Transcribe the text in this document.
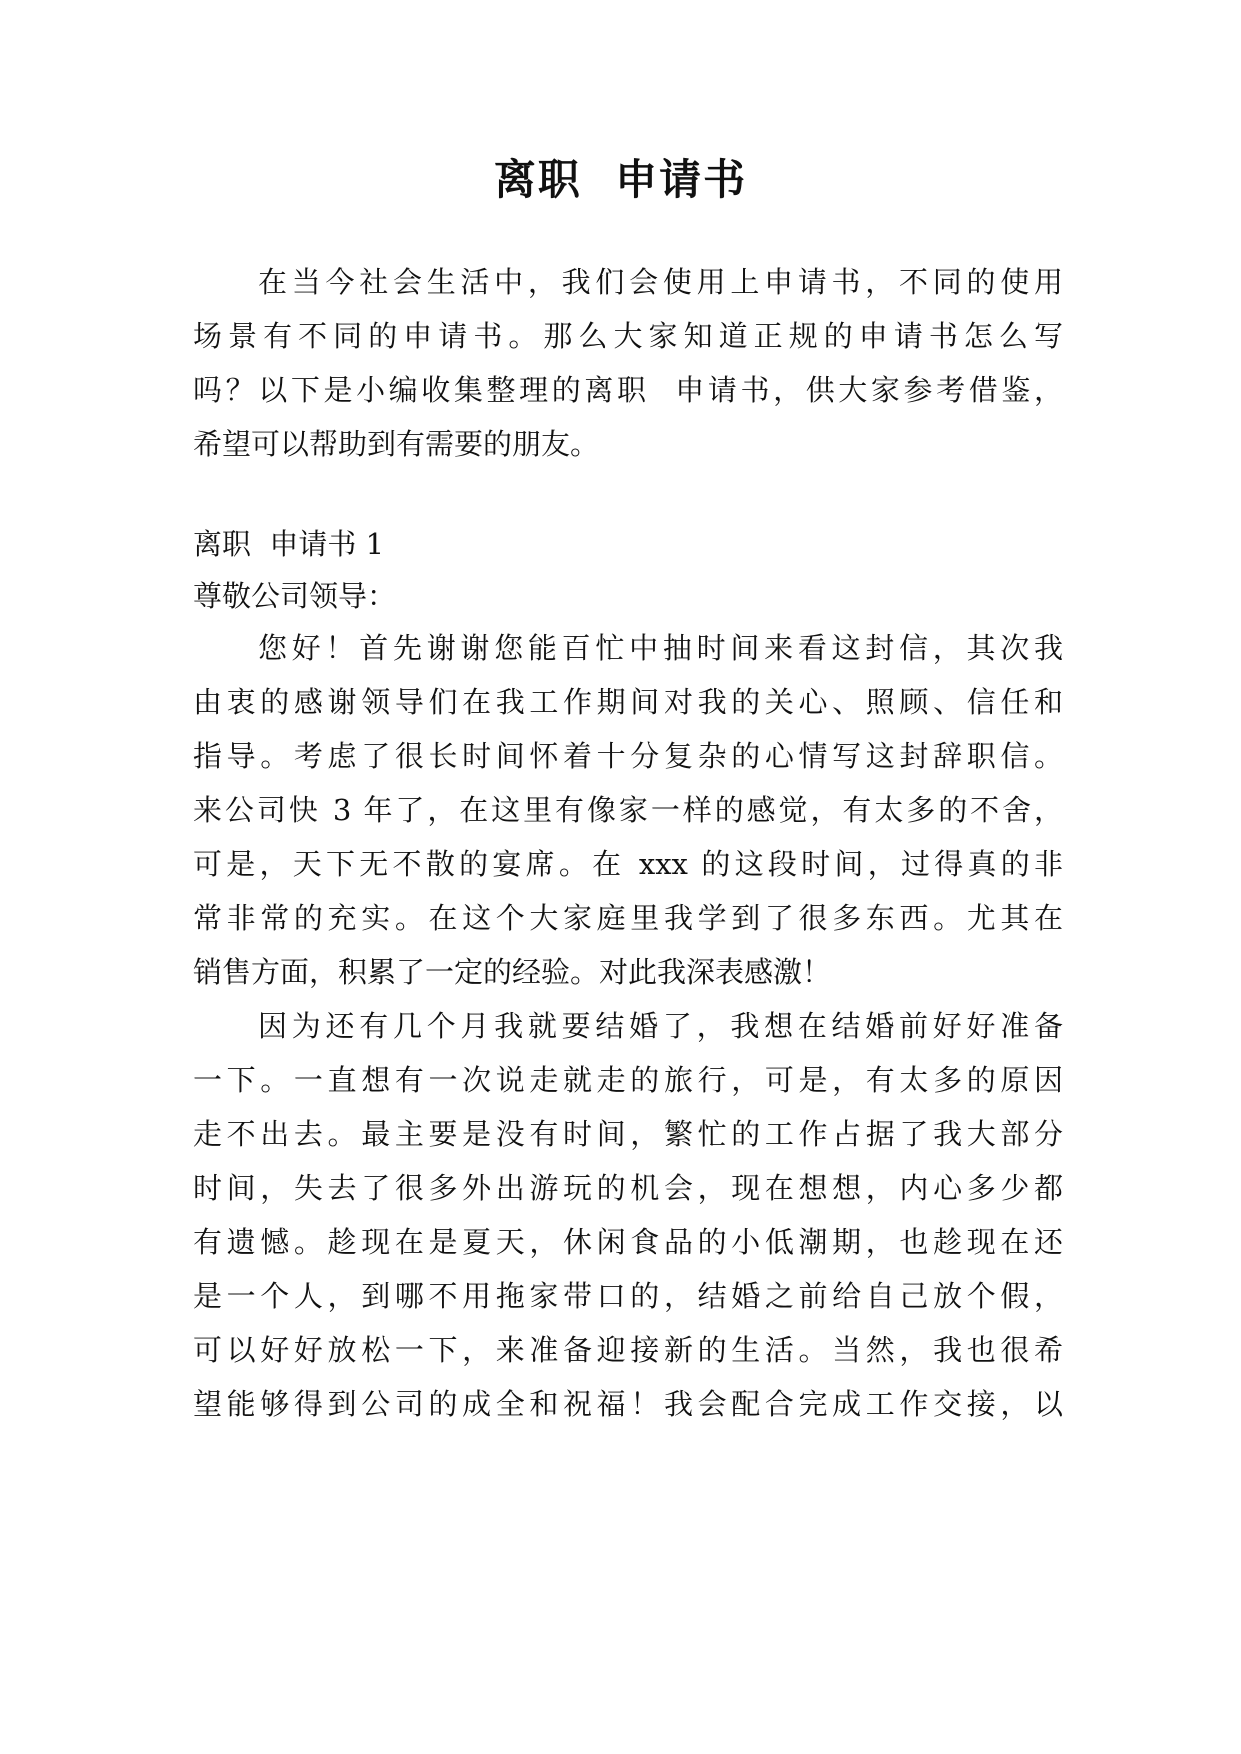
离职  申请书
在当今社会生活中，我们会使用上申请书，不同的使用
场景有不同的申请书。那么大家知道正规的申请书怎么写
吗？以下是小编收集整理的离职  申请书，供大家参考借鉴，
希望可以帮助到有需要的朋友。
离职  申请书 1
尊敬公司领导：
您好！首先谢谢您能百忙中抽时间来看这封信，其次我
由衷的感谢领导们在我工作期间对我的关心、照顾、信任和
指导。考虑了很长时间怀着十分复杂的心情写这封辞职信。
来公司快 3 年了，在这里有像家一样的感觉，有太多的不舍，
可是，天下无不散的宴席。在 xxx 的这段时间，过得真的非
常非常的充实。在这个大家庭里我学到了很多东西。尤其在
销售方面，积累了一定的经验。对此我深表感激！
因为还有几个月我就要结婚了，我想在结婚前好好准备
一下。一直想有一次说走就走的旅行，可是，有太多的原因
走不出去。最主要是没有时间，繁忙的工作占据了我大部分
时间，失去了很多外出游玩的机会，现在想想，内心多少都
有遗憾。趁现在是夏天，休闲食品的小低潮期，也趁现在还
是一个人，到哪不用拖家带口的，结婚之前给自己放个假，
可以好好放松一下，来准备迎接新的生活。当然，我也很希
望能够得到公司的成全和祝福！我会配合完成工作交接，以
